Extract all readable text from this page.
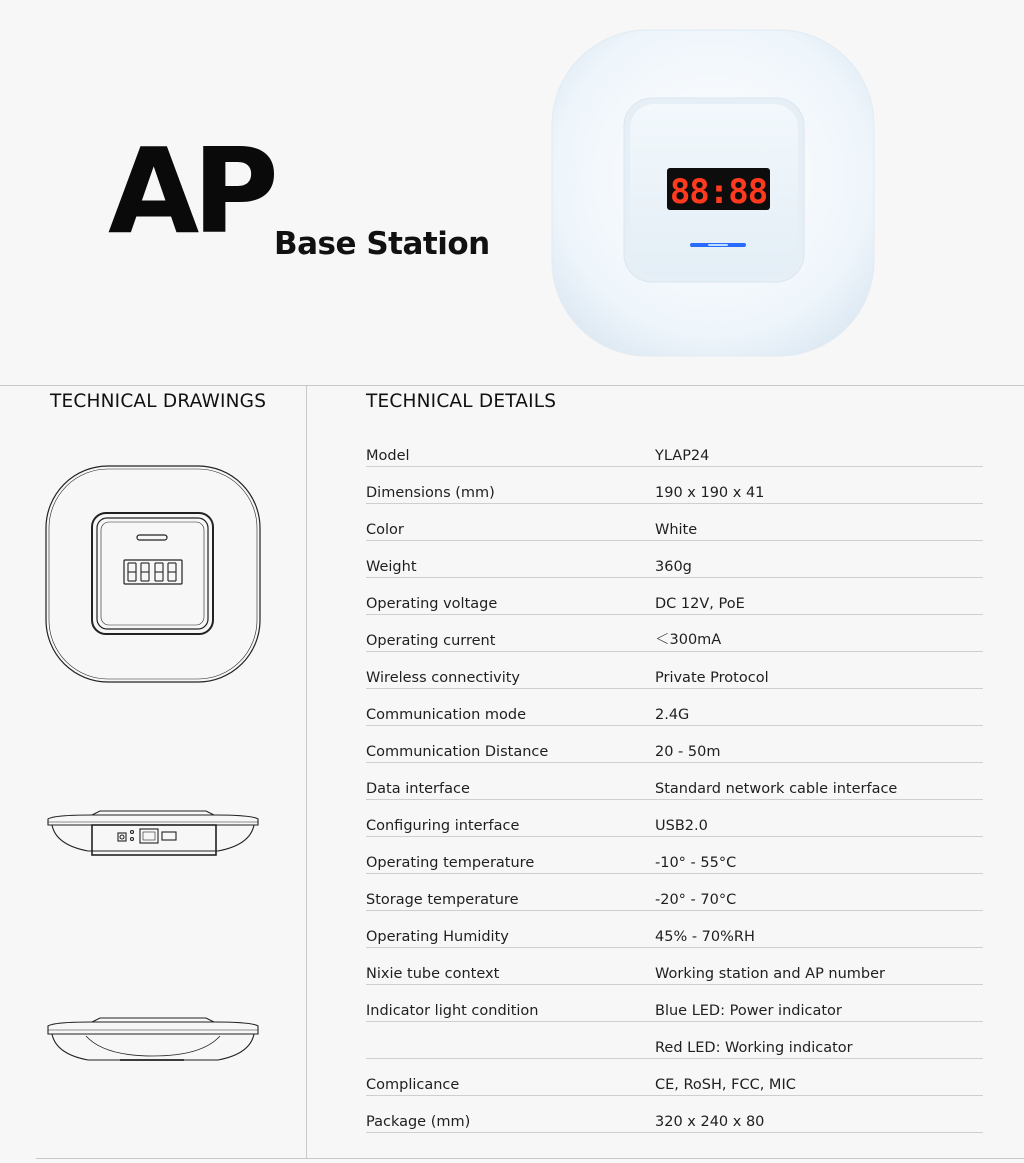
AP Base Station
88:88
TECHNICAL DRAWINGS	TECHNICAL DETAILS
Model	YLAP24
Dimensions (mm)	190 x 190 x 41
Color	White
Weight	360g
Operating voltage	DC 12V, PoE
Operating current	＜300mA
Wireless connectivity	Private Protocol
Communication mode	2.4G
Communication Distance	20 - 50m
Data interface	Standard network cable interface
Configuring interface	USB2.0
Operating temperature	-10° - 55°C
Storage temperature	-20° - 70°C
Operating Humidity	45% - 70%RH
Nixie tube context	Working station and AP number
Indicator light condition	Blue LED: Power indicator
Red LED: Working indicator
Complicance	CE, RoSH, FCC, MIC
Package (mm)	320 x 240 x 80
